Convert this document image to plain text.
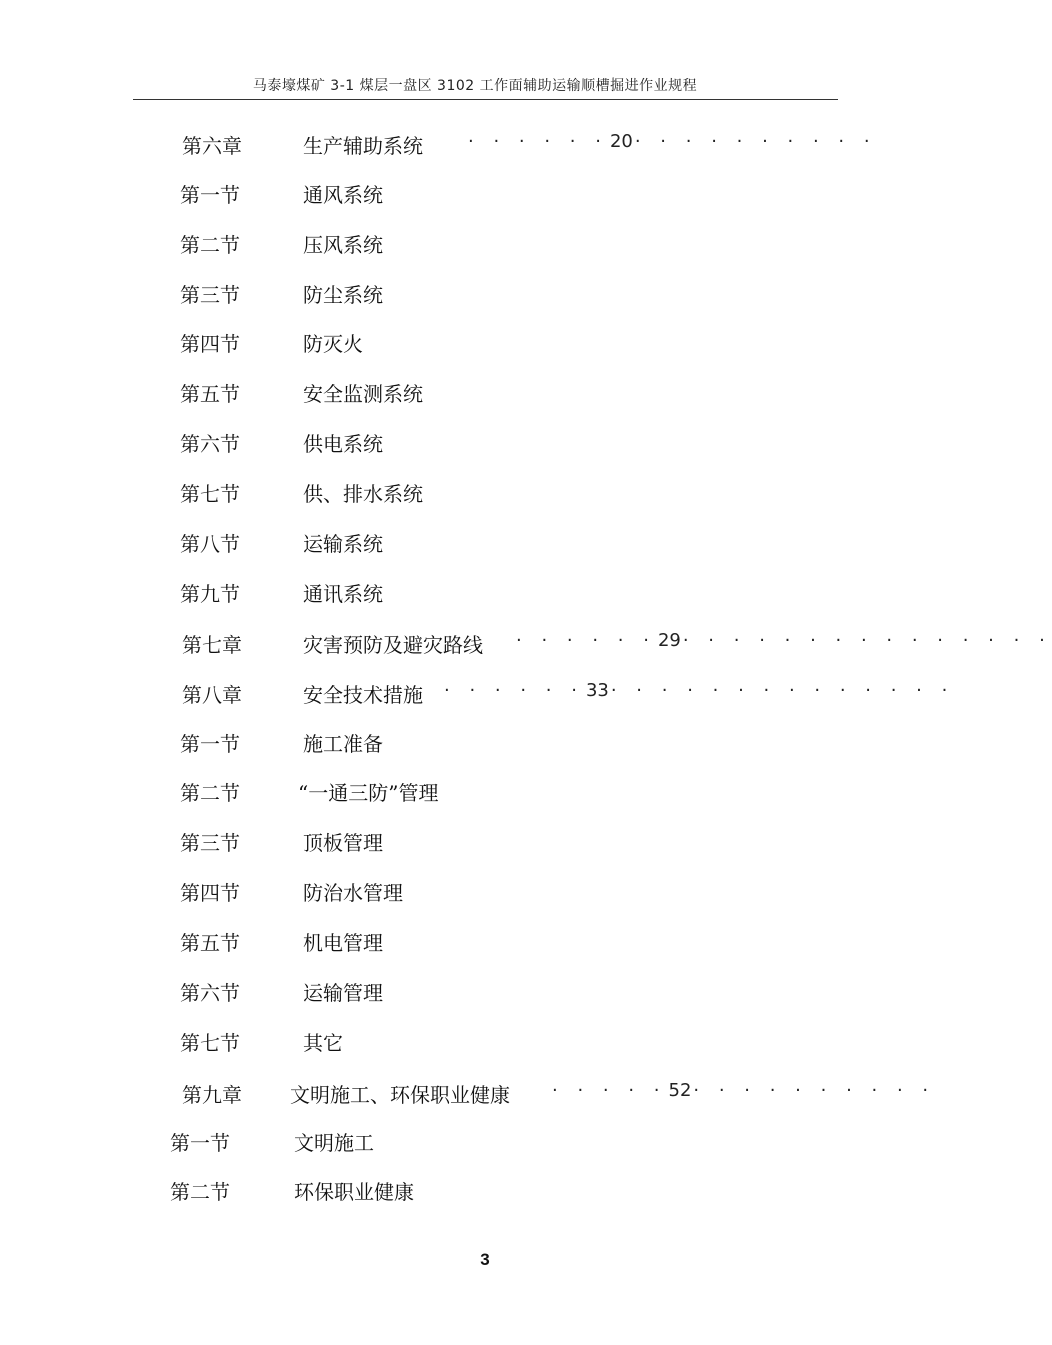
马泰壕煤矿 3-1 煤层一盘区 3102 工作面辅助运输顺槽掘进作业规程
第六章	生产辅助系统	· · · · · · 20 · · · · · · · · · ·
第一节	通风系统
第二节	压风系统
第三节	防尘系统
第四节	防灭火
第五节	安全监测系统
第六节	供电系统
第七节	供、排水系统
第八节	运输系统
第九节	通讯系统
第七章	灾害预防及避灾路线 · · · · · · 29 · · · · · · · · · · · · · · ·
第八章	安全技术措施 · · · · · · 33 · · · · · · · · · · · · · ·
第一节	施工准备
第二节	“一通三防”管理
第三节	顶板管理
第四节	防治水管理
第五节	机电管理
第六节	运输管理
第七节	其它
第九章 文明施工、环保职业健康 · · · · · 52 · · · · · · · · · ·
第一节	文明施工
第二节	环保职业健康
3
